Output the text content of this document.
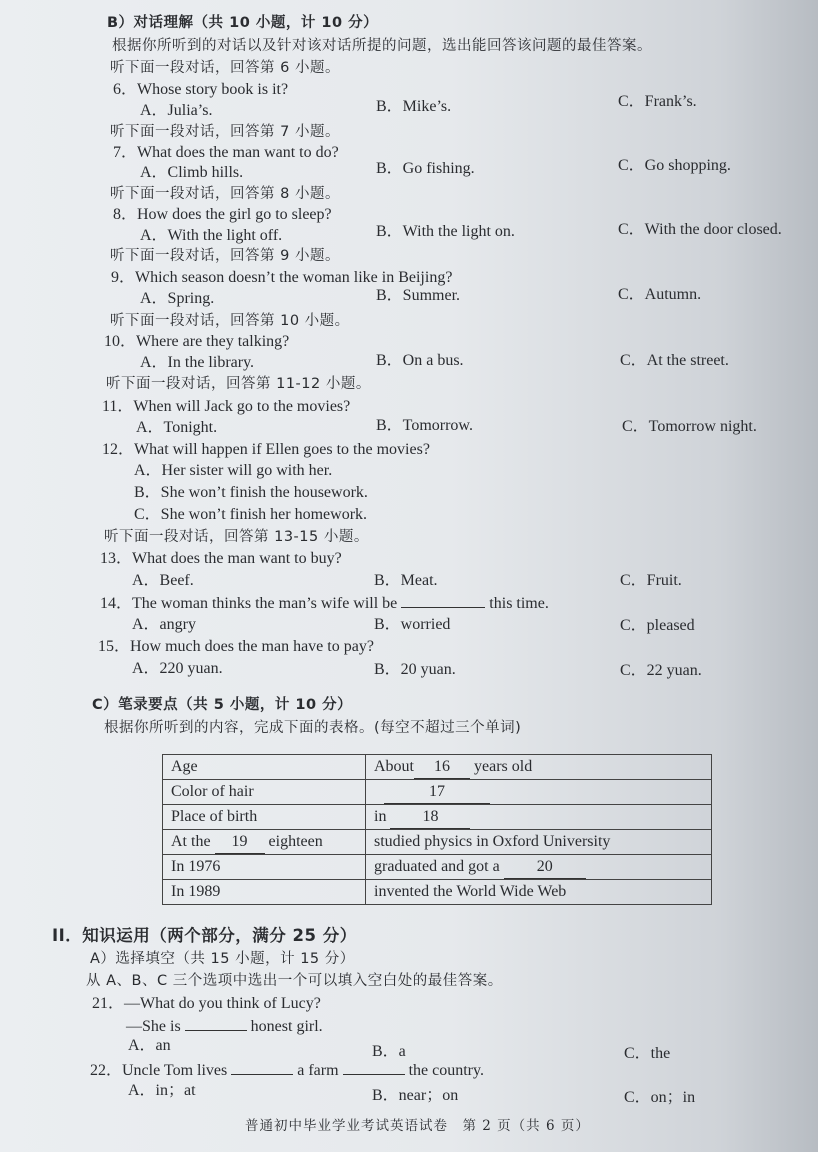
B）对话理解（共 10 小题，计 10 分）
根据你所听到的对话以及针对该对话所提的问题，选出能回答该问题的最佳答案。
听下面一段对话，回答第 6 小题。
6．Whose story book is it?
A．Julia’s.	B．Mike’s.	C．Frank’s.
听下面一段对话，回答第 7 小题。
7．What does the man want to do?
A．Climb hills.	B．Go fishing.	C．Go shopping.
听下面一段对话，回答第 8 小题。
8．How does the girl go to sleep?
A．With the light off.	B．With the light on.	C．With the door closed.
听下面一段对话，回答第 9 小题。
9．Which season doesn’t the woman like in Beijing?
A．Spring.	B．Summer.	C．Autumn.
听下面一段对话，回答第 10 小题。
10．Where are they talking?
A．In the library.	B．On a bus.	C．At the street.
听下面一段对话，回答第 11-12 小题。
11．When will Jack go to the movies?
A．Tonight.	B．Tomorrow.	C．Tomorrow night.
12．What will happen if Ellen goes to the movies?
A．Her sister will go with her.
B．She won’t finish the housework.
C．She won’t finish her homework.
听下面一段对话，回答第 13-15 小题。
13．What does the man want to buy?
A．Beef.	B．Meat.	C．Fruit.
14．The woman thinks the man’s wife will be	this time.
A．angry	B．worried	C．pleased
15．How much does the man have to pay?
A．220 yuan.	B．20 yuan.	C．22 yuan.
C）笔录要点（共 5 小题，计 10 分）
根据你所听到的内容，完成下面的表格。(每空不超过三个单词)
Age	About 16 years old
Color of hair	17
Place of birth	in 18
At the 19 eighteen	studied physics in Oxford University
In 1976	graduated and got a 20
In 1989	invented the World Wide Web
II．知识运用（两个部分，满分 25 分）
A）选择填空（共 15 小题，计 15 分）
从 A、B、C 三个选项中选出一个可以填入空白处的最佳答案。
21．—What do you think of Lucy?
—She is	honest girl.
A．an	B．a	C．the
22．Uncle Tom lives	a farm	the country.
A．in；at	B．near；on	C．on；in
普通初中毕业学业考试英语试卷　第 2 页（共 6 页）
